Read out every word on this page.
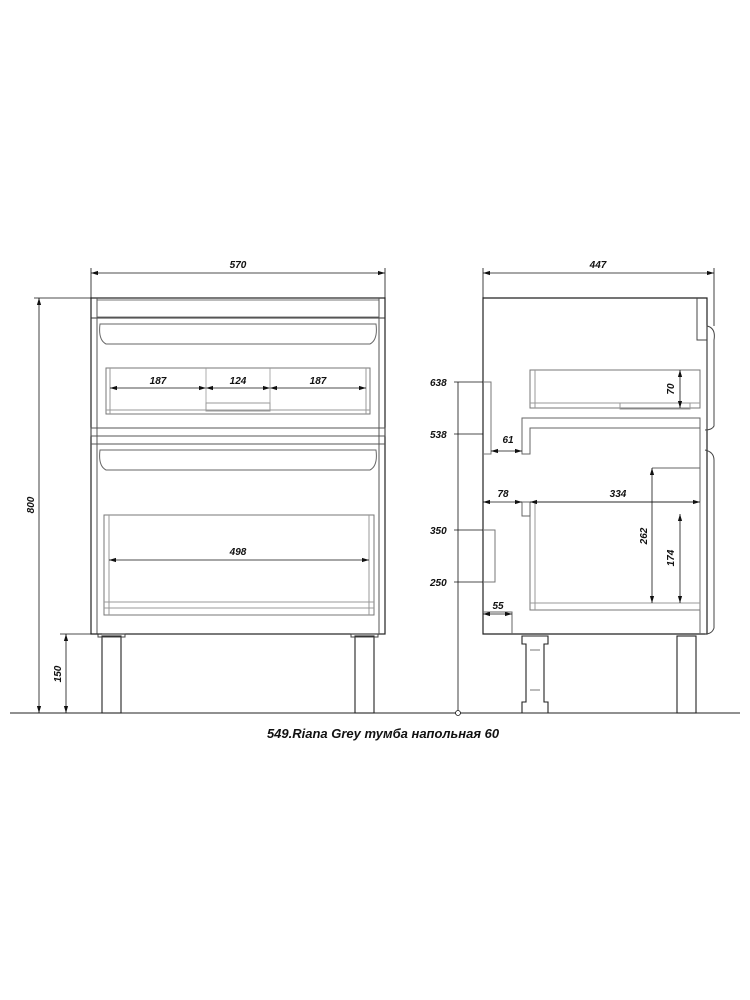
570
800
150
187	124	187
498
447
638
538
350
250
70
61
78	334
262
174
55
549.Riana Grey тумба напольная 60
